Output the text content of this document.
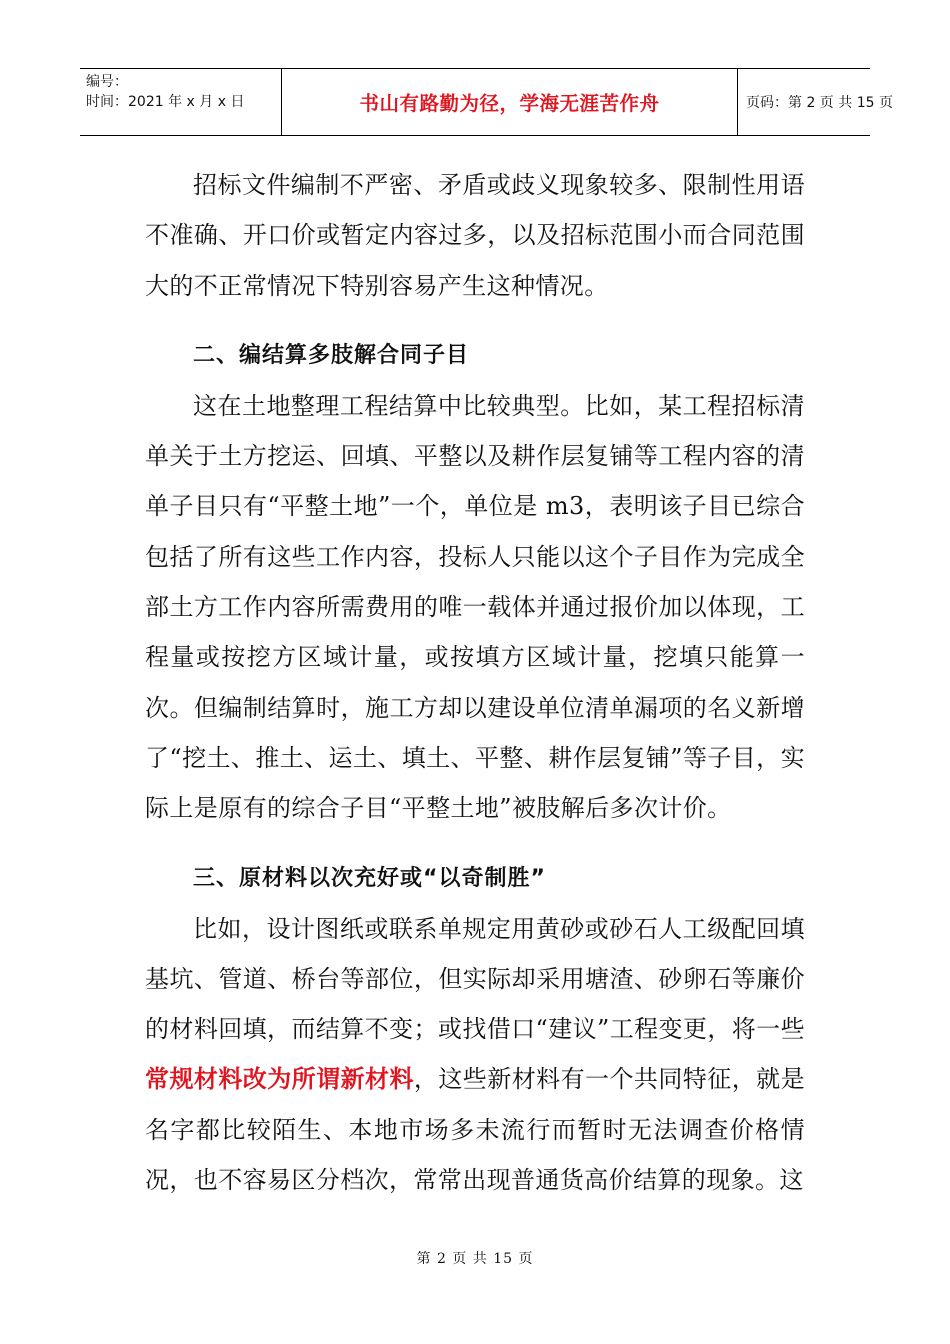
编号：
时间：2021 年 x 月 x 日	书山有路勤为径，学海无涯苦作舟	页码：第 2 页 共 15 页

招标文件编制不严密、矛盾或歧义现象较多、限制性用语不准确、开口价或暂定内容过多，以及招标范围小而合同范围大的不正常情况下特别容易产生这种情况。

二、编结算多肢解合同子目

这在土地整理工程结算中比较典型。比如，某工程招标清单关于土方挖运、回填、平整以及耕作层复铺等工程内容的清单子目只有“平整土地”一个，单位是 m3，表明该子目已综合包括了所有这些工作内容，投标人只能以这个子目作为完成全部土方工作内容所需费用的唯一载体并通过报价加以体现，工程量或按挖方区域计量，或按填方区域计量，挖填只能算一次。但编制结算时，施工方却以建设单位清单漏项的名义新增了“挖土、推土、运土、填土、平整、耕作层复铺”等子目，实际上是原有的综合子目“平整土地”被肢解后多次计价。

三、原材料以次充好或“以奇制胜”

比如，设计图纸或联系单规定用黄砂或砂石人工级配回填基坑、管道、桥台等部位，但实际却采用塘渣、砂卵石等廉价的材料回填，而结算不变；或找借口“建议”工程变更，将一些常规材料改为所谓新材料，这些新材料有一个共同特征，就是名字都比较陌生、本地市场多未流行而暂时无法调查价格情况，也不容易区分档次，常常出现普通货高价结算的现象。这

第 2 页 共 15 页
